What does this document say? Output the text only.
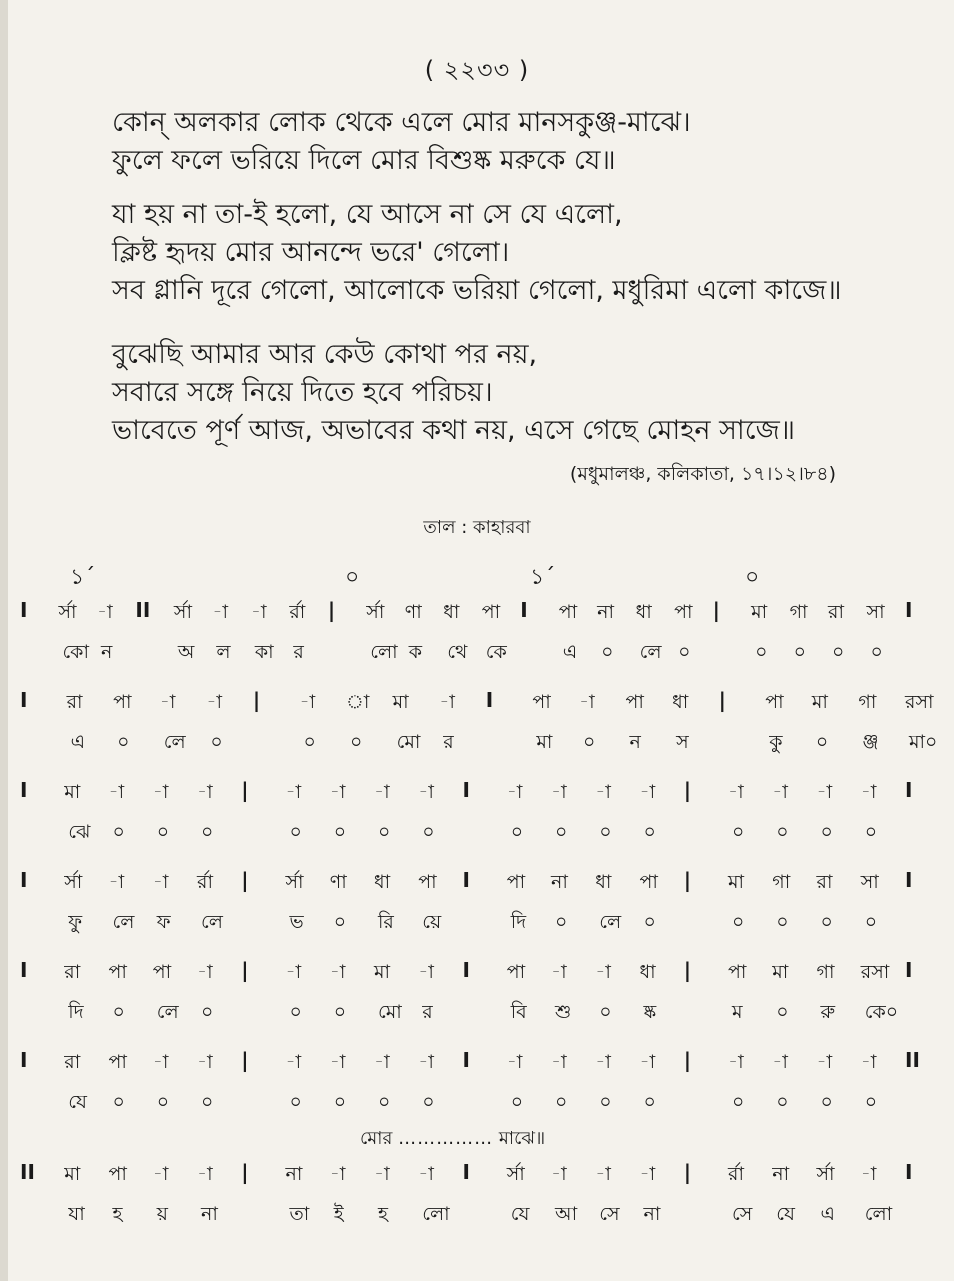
( ২২৩৩ )
কোন্ অলকার লোক থেকে এলে মোর মানসকুঞ্জ-মাঝে।
ফুলে ফলে ভরিয়ে দিলে মোর বিশুষ্ক মরুকে যে॥
যা হয় না তা-ই হলো, যে আসে না সে যে এলো,
ক্লিষ্ট হৃদয় মোর আনন্দে ভরে' গেলো।
সব গ্লানি দূরে গেলো, আলোকে ভরিয়া গেলো, মধুরিমা এলো কাজে॥
বুঝেছি আমার আর কেউ কোথা পর নয়,
সবারে সঙ্গে নিয়ে দিতে হবে পরিচয়।
ভাবেতে পূর্ণ আজ, অভাবের কথা নয়, এসে গেছে মোহন সাজে॥
(মধুমালঞ্চ, কলিকাতা, ১৭।১২।৮৪)
তাল : কাহারবা
১´	০	১´	০
I র্সা -া II র্সা -া -া র্রা | র্সা ণা ধা পা I পা না ধা পা | মা গা রা সা I
কো ন	অ ল কা র	লো ক থে কে	এ ০ লে ০	০ ০ ০ ০
I রা পা -া -া | -া া মা -া I পা -া পা ধা | পা মা গা রসা
এ ০ লে ০	০ ০ মো র	মা ০ ন স	কু ০ ঞ্জ মা০
I মা -া -া -া | -া -া -া -া I -া -া -া -া | -া -া -া -া I
ঝে ০ ০ ০	০ ০ ০ ০	০ ০ ০ ০	০ ০ ০ ০
I র্সা -া -া র্রা | র্সা ণা ধা পা I পা না ধা পা | মা গা রা সা I
ফু লে ফ লে	ভ ০ রি য়ে	দি ০ লে ০	০ ০ ০ ০
I রা পা পা -া | -া -া মা -া I পা -া -া ধা | পা মা গা রসা I
দি ০ লে ০	০ ০ মো র	বি শু ০ ষ্ক	ম ০ রু কে০
I রা পা -া -া | -া -া -া -া I -া -া -া -া | -া -া -া -া II
যে ০ ০ ০	০ ০ ০ ০	০ ০ ০ ০	০ ০ ০ ০
II মা পা -া -া | না -া -া -া I র্সা -া -া -া | র্রা না র্সা -া I
যা হ য় না	তা ই হ লো	যে আ সে না	সে যে এ লো
মোর …………… মাঝে॥
